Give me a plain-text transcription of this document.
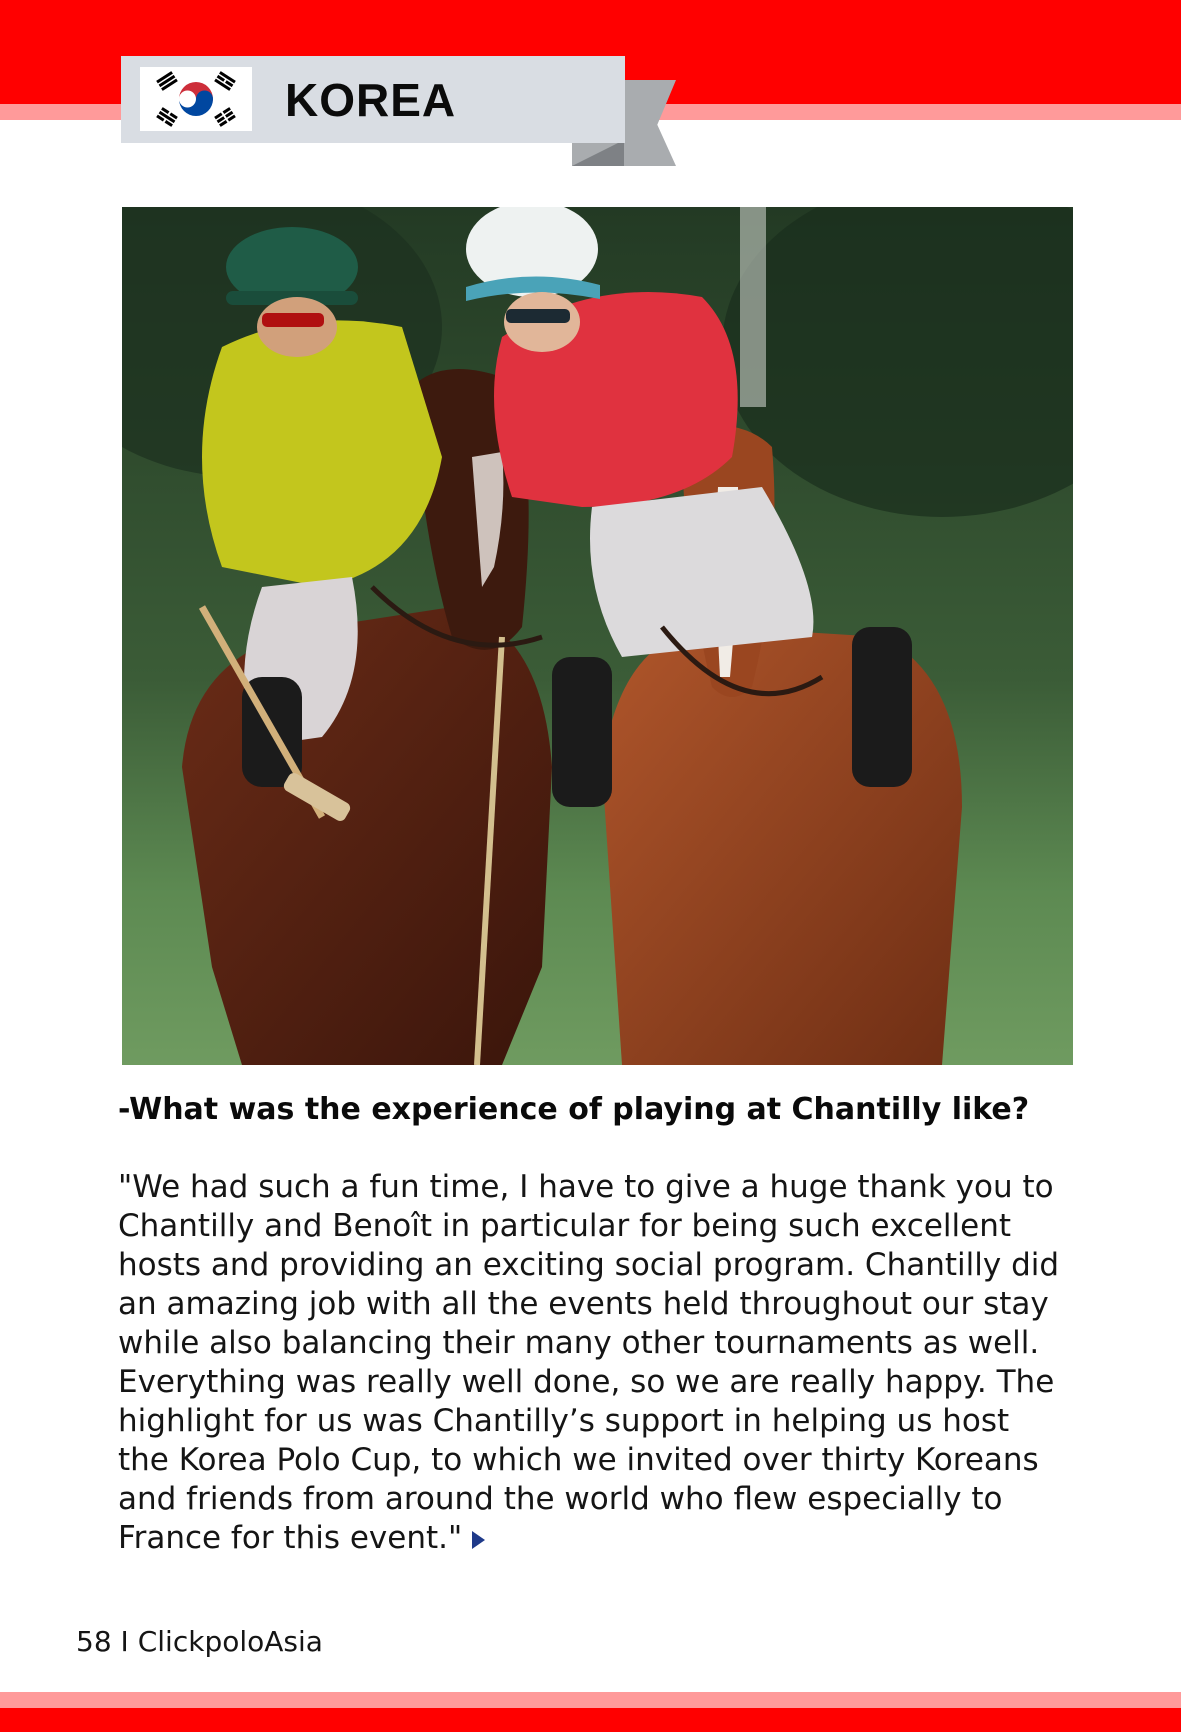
KOREA
-What was the experience of playing at Chantilly like?
"We had such a fun time, I have to give a huge thank you to
Chantilly and Benoît in particular for being such excellent
hosts and providing an exciting social program. Chantilly did
an amazing job with all the events held throughout our stay
while also balancing their many other tournaments as well.
Everything was really well done, so we are really happy. The
highlight for us was Chantilly’s support in helping us host
the Korea Polo Cup, to which we invited over thirty Koreans
and friends from around the world who flew especially to
France for this event."
58 I ClickpoloAsia
